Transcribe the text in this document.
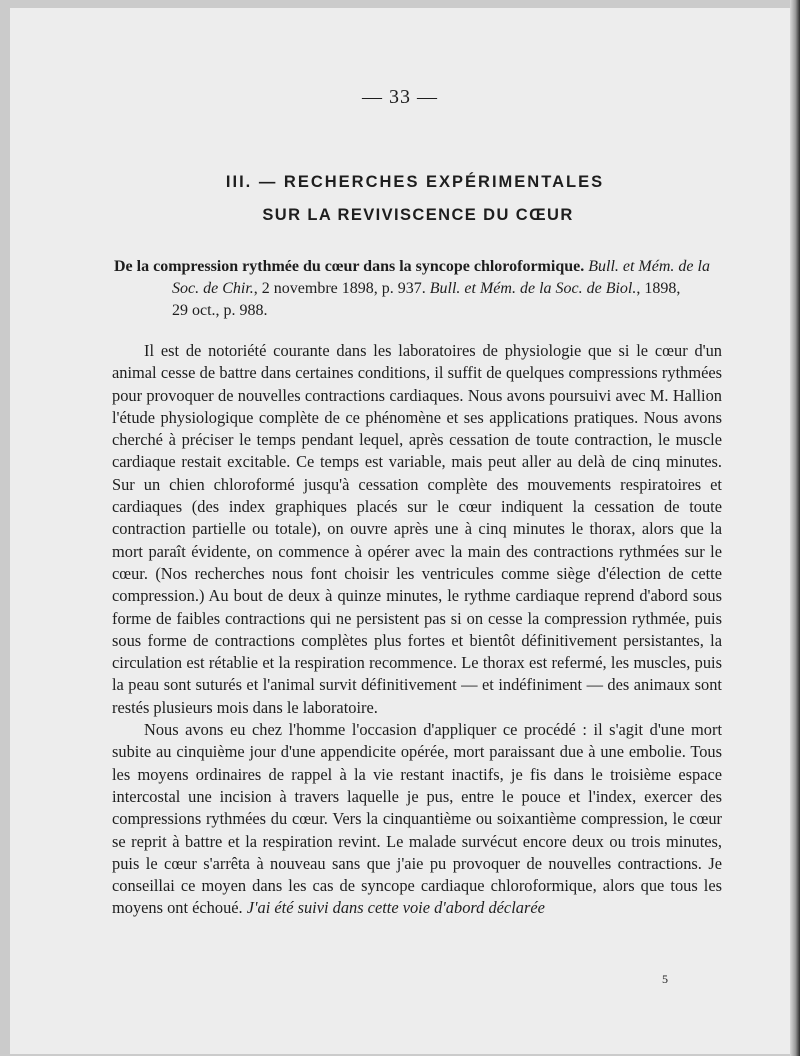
— 33 —
III. — RECHERCHES EXPÉRIMENTALES
SUR LA REVIVISCENCE DU CŒUR

De la compression rythmée du cœur dans la syncope chloroformique. Bull. et Mém. de la

Soc. de Chir., 2 novembre 1898, p. 937. Bull. et Mém. de la Soc. de Biol., 1898,

29 oct., p. 988.

Il est de notoriété courante dans les laboratoires de physiologie que si le cœur d'un animal cesse de battre dans certaines conditions, il suffit de quelques compressions rythmées pour provoquer de nouvelles contractions cardiaques. Nous avons poursuivi avec M. Hallion l'étude physiologique complète de ce phénomène et ses applications pratiques. Nous avons cherché à préciser le temps pendant lequel, après cessation de toute contraction, le muscle cardiaque restait excitable. Ce temps est variable, mais peut aller au delà de cinq minutes. Sur un chien chloroformé jusqu'à cessation complète des mouvements respiratoires et cardiaques (des index graphiques placés sur le cœur indiquent la cessation de toute contraction partielle ou totale), on ouvre après une à cinq minutes le thorax, alors que la mort paraît évidente, on commence à opérer avec la main des contractions rythmées sur le cœur. (Nos recherches nous font choisir les ventricules comme siège d'élection de cette compression.) Au bout de deux à quinze minutes, le rythme cardiaque reprend d'abord sous forme de faibles contractions qui ne persistent pas si on cesse la compression rythmée, puis sous forme de contractions complètes plus fortes et bientôt définitivement persistantes, la circulation est rétablie et la respiration recommence. Le thorax est refermé, les muscles, puis la peau sont suturés et l'animal survit définitivement — et indéfiniment — des animaux sont restés plusieurs mois dans le laboratoire.

Nous avons eu chez l'homme l'occasion d'appliquer ce procédé : il s'agit d'une mort subite au cinquième jour d'une appendicite opérée, mort paraissant due à une embolie. Tous les moyens ordinaires de rappel à la vie restant inactifs, je fis dans le troisième espace intercostal une incision à travers laquelle je pus, entre le pouce et l'index, exercer des compressions rythmées du cœur. Vers la cinquantième ou soixantième compression, le cœur se reprit à battre et la respiration revint. Le malade survécut encore deux ou trois minutes, puis le cœur s'arrêta à nouveau sans que j'aie pu provoquer de nouvelles contractions. Je conseillai ce moyen dans les cas de syncope cardiaque chloroformique, alors que tous les moyens ont échoué. J'ai été suivi dans cette voie d'abord déclarée

5
